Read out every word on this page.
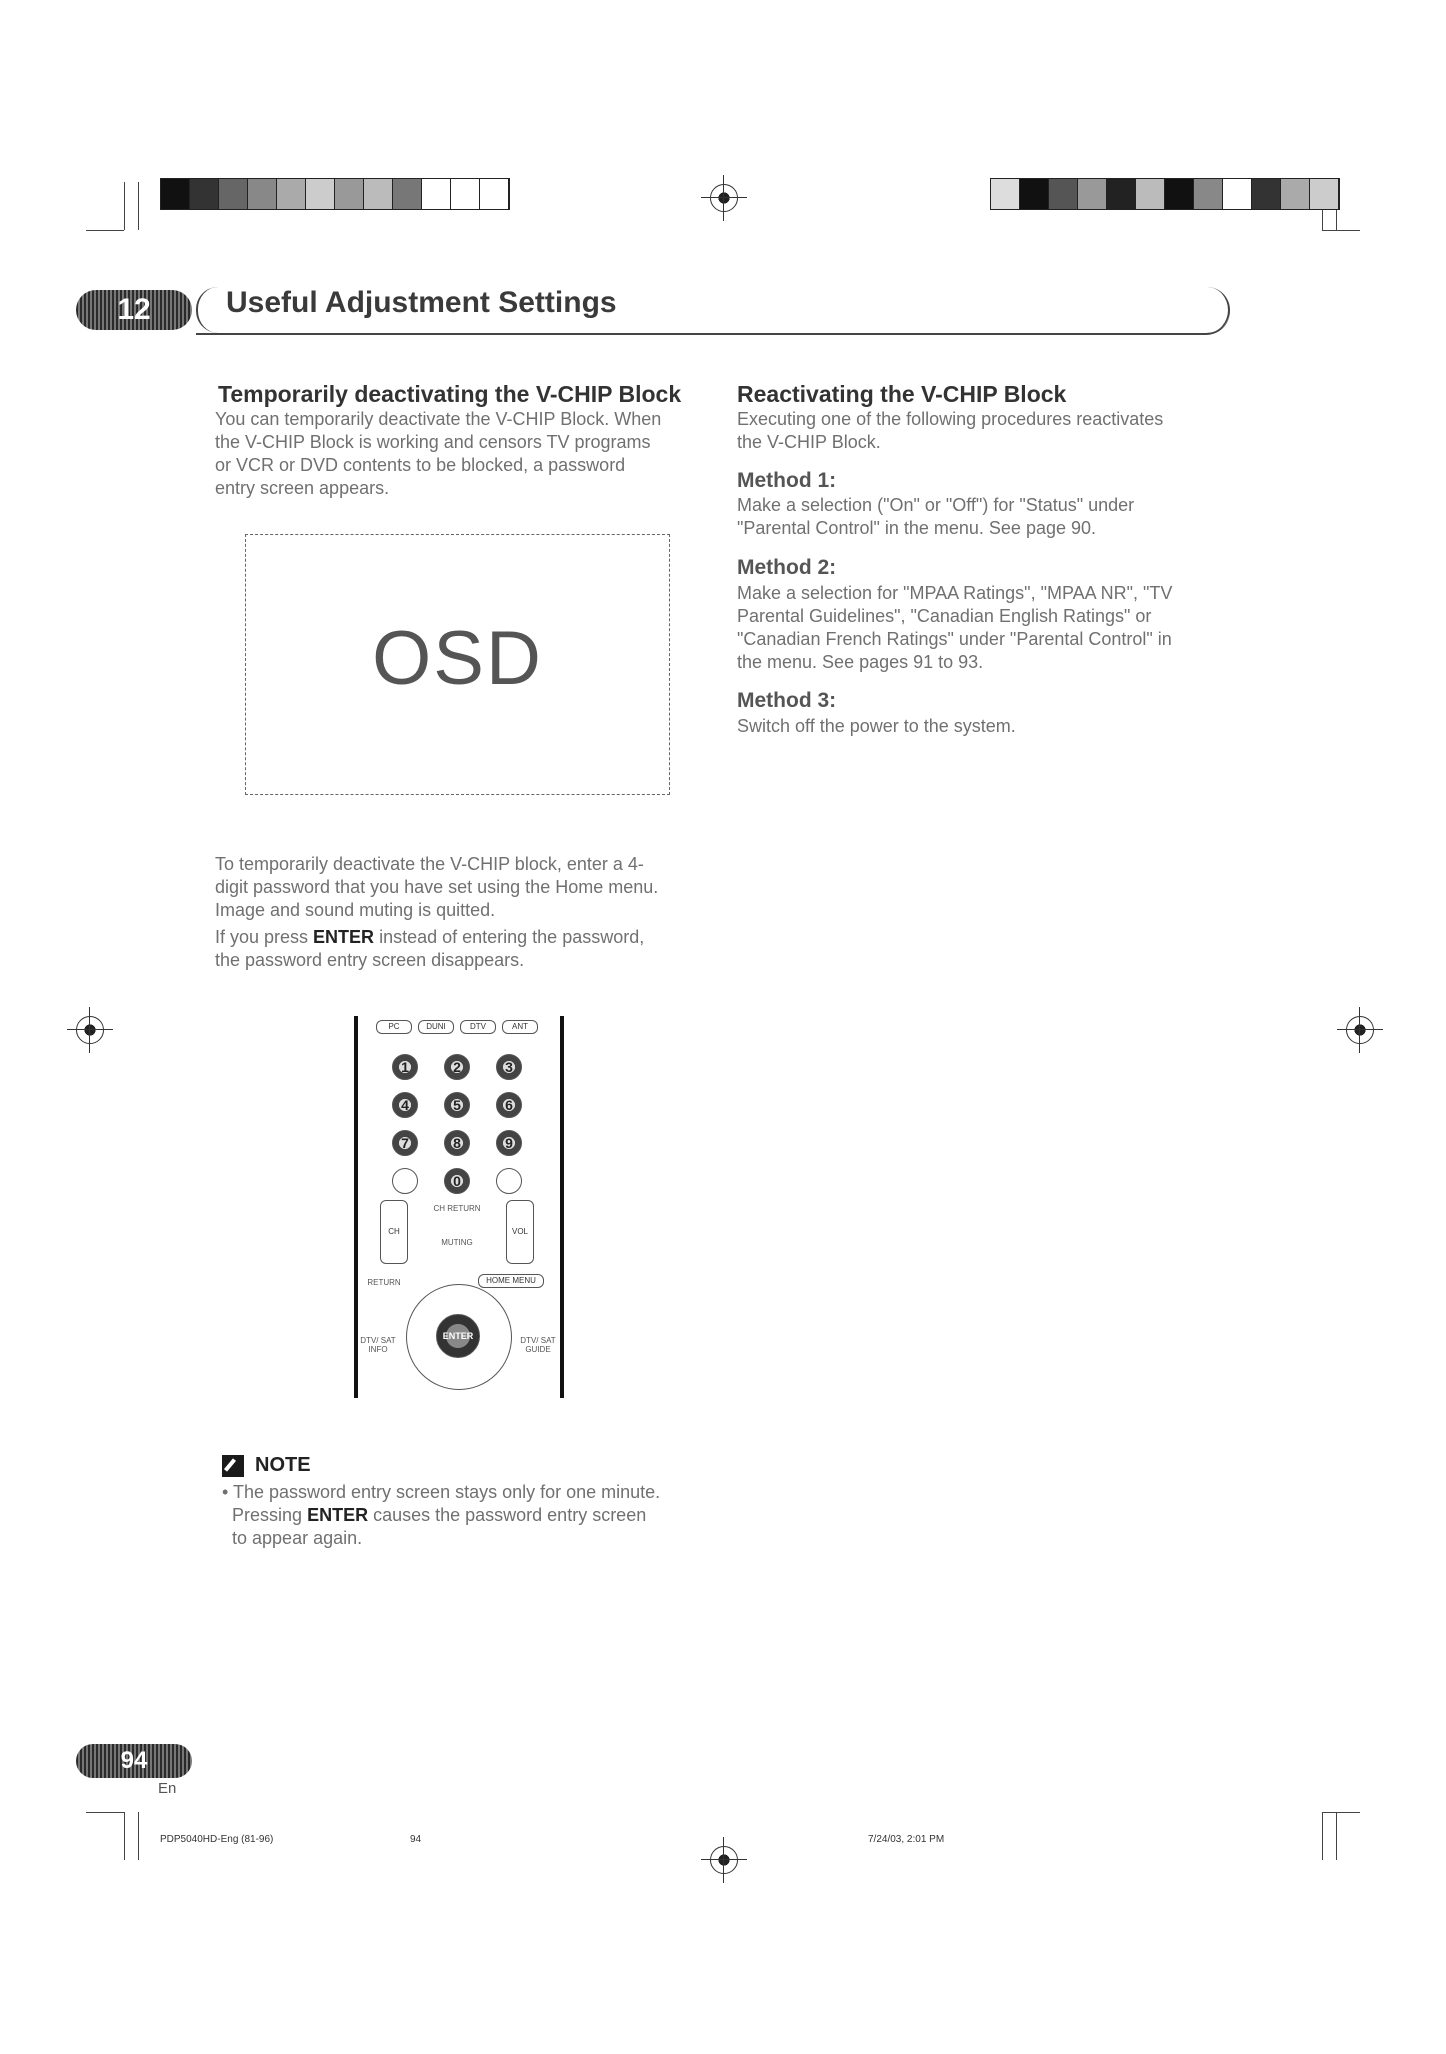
12	Useful Adjustment Settings
Temporarily deactivating the V-CHIP Block

You can temporarily deactivate the V-CHIP Block. When
the V-CHIP Block is working and censors TV programs
or VCR or DVD contents to be blocked, a password
entry screen appears.

OSD

To temporarily deactivate the V-CHIP block, enter a 4-
digit password that you have set using the Home menu.
Image and sound muting is quitted.

If you press ENTER instead of entering the password,
the password entry screen disappears.

PC	DUNI	DTV	ANT
1	2	3
4	5	6
7	8	9
0
CH RETURN
CH
MUTING
VOL
RETURN	HOME MENU
ENTER
DTV/ SAT INFO
DTV/ SAT GUIDE
NOTE

• The password entry screen stays only for one minute.
Pressing ENTER causes the password entry screen
to appear again.

Reactivating the V-CHIP Block

Executing one of the following procedures reactivates
the V-CHIP Block.

Method 1:

Make a selection ("On" or "Off") for "Status" under
"Parental Control" in the menu. See page 90.

Method 2:

Make a selection for "MPAA Ratings", "MPAA NR", "TV
Parental Guidelines", "Canadian English Ratings" or
"Canadian French Ratings" under "Parental Control" in
the menu. See pages 91 to 93.

Method 3:

Switch off the power to the system.

94
En
PDP5040HD-Eng (81-96)	94	7/24/03, 2:01 PM
